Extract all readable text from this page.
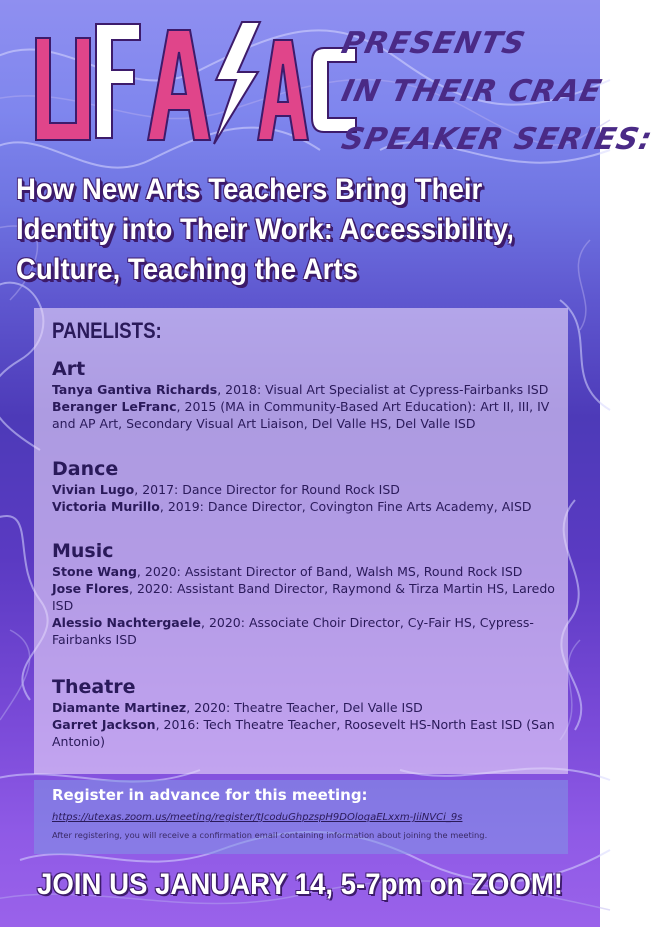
PRESENTS
IN THEIR CRAE
SPEAKER SERIES:
How New Arts Teachers Bring Their
Identity into Their Work: Accessibility,
Culture, Teaching the Arts
PANELISTS:
Art

Tanya Gantiva Richards, 2018: Visual Art Specialist at Cypress-Fairbanks ISD

Beranger LeFranc, 2015 (MA in Community-Based Art Education): Art II, III, IV and AP Art, Secondary Visual Art Liaison, Del Valle HS, Del Valle ISD

Dance

Vivian Lugo, 2017: Dance Director for Round Rock ISD

Victoria Murillo, 2019: Dance Director, Covington Fine Arts Academy, AISD

Music

Stone Wang, 2020: Assistant Director of Band, Walsh MS, Round Rock ISD

Jose Flores, 2020: Assistant Band Director, Raymond & Tirza Martin HS, Laredo ISD

Alessio Nachtergaele, 2020: Associate Choir Director, Cy-Fair HS, Cypress-Fairbanks ISD

Theatre

Diamante Martinez, 2020: Theatre Teacher, Del Valle ISD

Garret Jackson, 2016: Tech Theatre Teacher, Roosevelt HS-North East ISD (San Antonio)

Register in advance for this meeting:
https://utexas.zoom.us/meeting/register/tJcoduGhpzspH9DOloqaELxxm-JiiNVCi_9s
After registering, you will receive a confirmation email containing information about joining the meeting.
JOIN US JANUARY 14, 5-7pm on ZOOM!
